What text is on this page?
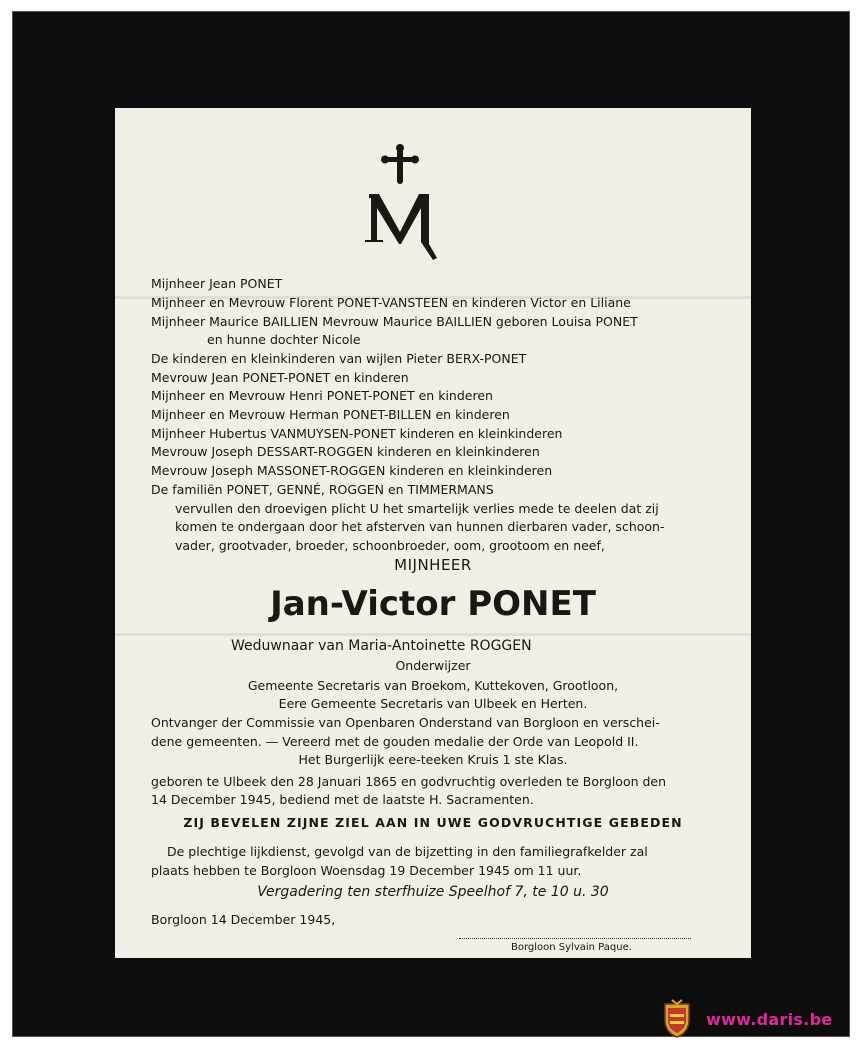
Mijnheer Jean PONET
Mijnheer en Mevrouw Florent PONET-VANSTEEN en kinderen Victor en Liliane
Mijnheer Maurice BAILLIEN Mevrouw Maurice BAILLIEN geboren Louisa PONET
en hunne dochter Nicole
De kinderen en kleinkinderen van wijlen Pieter BERX-PONET
Mevrouw Jean PONET-PONET en kinderen
Mijnheer en Mevrouw Henri PONET-PONET en kinderen
Mijnheer en Mevrouw Herman PONET-BILLEN en kinderen
Mijnheer Hubertus VANMUYSEN-PONET kinderen en kleinkinderen
Mevrouw Joseph DESSART-ROGGEN kinderen en kleinkinderen
Mevrouw Joseph MASSONET-ROGGEN kinderen en kleinkinderen
De familiën PONET, GENNÉ, ROGGEN en TIMMERMANS
vervullen den droevigen plicht U het smartelijk verlies mede te deelen dat zij
komen te ondergaan door het afsterven van hunnen dierbaren vader, schoon-
vader, grootvader, broeder, schoonbroeder, oom, grootoom en neef,
MIJNHEER
Jan-Victor PONET
Weduwnaar van Maria-Antoinette ROGGEN
Onderwijzer
Gemeente Secretaris van Broekom, Kuttekoven, Grootloon,
Eere Gemeente Secretaris van Ulbeek en Herten.
Ontvanger der Commissie van Openbaren Onderstand van Borgloon en verschei-
dene gemeenten. — Vereerd met de gouden medalie der Orde van Leopold II.
Het Burgerlijk eere-teeken Kruis 1 ste Klas.
geboren te Ulbeek den 28 Januari 1865 en godvruchtig overleden te Borgloon den
14 December 1945, bediend met de laatste H. Sacramenten.
ZIJ BEVELEN ZIJNE ZIEL AAN IN UWE GODVRUCHTIGE GEBEDEN
De plechtige lijkdienst, gevolgd van de bijzetting in den familiegrafkelder zal
plaats hebben te Borgloon Woensdag 19 December 1945 om 11 uur.
Vergadering ten sterfhuize Speelhof 7, te 10 u. 30
Borgloon 14 December 1945,
Borgloon Sylvain Paque.
www.daris.be
